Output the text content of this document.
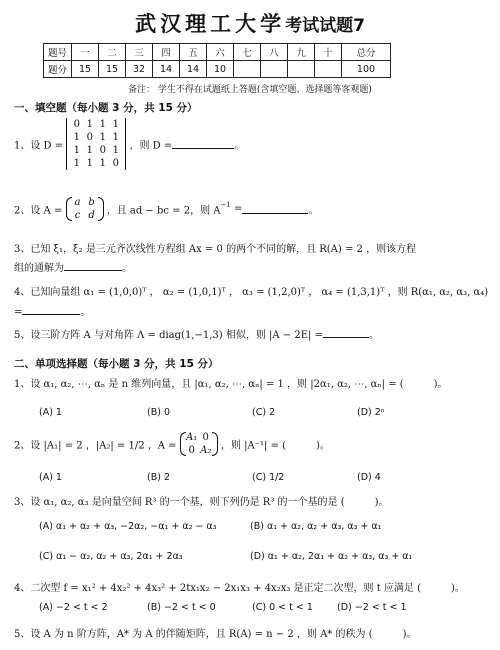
武汉理工大学考试试题7
题号	一	二	三	四	五	六	七	八	九	十	总分
题分	15	15	32	14	14	10					100
备注： 学生不得在试题纸上答题(含填空题、选择题等客观题)
一、填空题（每小题 3 分，共 15 分）
1、设 D =
0 1 1 1
1 0 1 1
1 1 0 1
1 1 1 0
，则 D =	。
2、设 A =
a b
c d	，且 ad − bc = 2，则 $A^{-1}$ =	。
3、已知 ξ₁，ξ₂ 是三元齐次线性方程组 Ax = 0 的两个不同的解，且 R(A) = 2 ，则该方程
组的通解为	。
4、已知向量组 α₁ = (1,0,0)ᵀ ， α₂ = (1,0,1)ᵀ ， α₃ = (1,2,0)ᵀ ， α₄ = (1,3,1)ᵀ ，则 R(α₁, α₂, α₃, α₄)
=	。
5、设三阶方阵 A 与对角阵 Λ = diag(1,−1,3) 相似，则 |A − 2E| =	。
二、单项选择题（每小题 3 分，共 15 分）
1、设 α₁, α₂, ⋯, αₙ 是 n 维列向量，且 |α₁, α₂, ⋯, αₙ| = 1 ，则 |2α₁, α₂, ⋯, αₙ| = (　　　)。
(A) 1	(B) 0	(C) 2	(D) 2ⁿ
2、设 |A₁| = 2 ，|A₂| = 1/2 ，A =
A₁ 0
0 A₂ ，则 |A⁻¹| = (　　　)。
(A) 1	(B) 2	(C) 1/2	(D) 4
3、设 α₁, α₂, α₃ 是向量空间 R³ 的一个基，则下列仍是 R³ 的一个基的是 (　　　)。
(A) α₁ + α₂ + α₃, −2α₂, −α₁ + α₂ − α₃	(B) α₁ + α₂, α₂ + α₃, α₃ + α₁
(C) α₁ − α₂, α₂ + α₃, 2α₁ + 2α₃	(D) α₁ + α₂, 2α₁ + α₂ + α₃, α₃ + α₁
4、二次型 f = x₁² + 4x₂² + 4x₃² + 2tx₁x₂ − 2x₁x₃ + 4x₂x₃ 是正定二次型，则 t 应满足 (　　　)。
(A) −2 < t < 2	(B) −2 < t < 0	(C) 0 < t < 1	(D) −2 < t < 1
5、设 A 为 n 阶方阵，A* 为 A 的伴随矩阵，且 R(A) = n − 2 ，则 A* 的秩为 (　　　)。
